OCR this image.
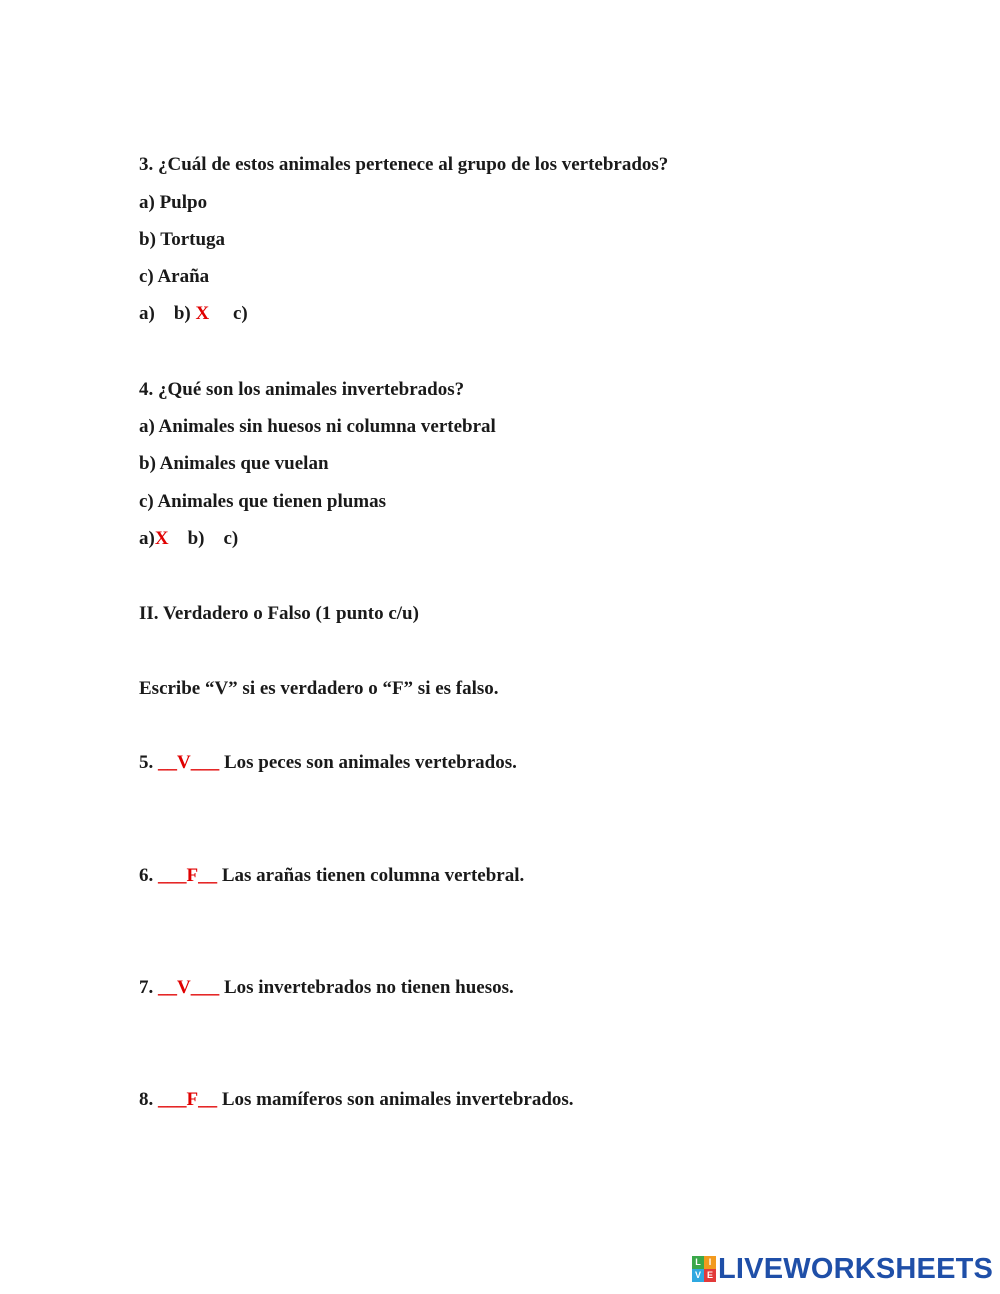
3. ¿Cuál de estos animales pertenece al grupo de los vertebrados?
a) Pulpo
b) Tortuga
c) Araña
a)    b) X     c)
4. ¿Qué son los animales invertebrados?
a) Animales sin huesos ni columna vertebral
b) Animales que vuelan
c) Animales que tienen plumas
a)X    b)    c)
II. Verdadero o Falso (1 punto c/u)
Escribe “V” si es verdadero o “F” si es falso.
5. __V___ Los peces son animales vertebrados.
6. ___F__ Las arañas tienen columna vertebral.
7. __V___ Los invertebrados no tienen huesos.
8. ___F__ Los mamíferos son animales invertebrados.
L I
V E LIVEWORKSHEETS
